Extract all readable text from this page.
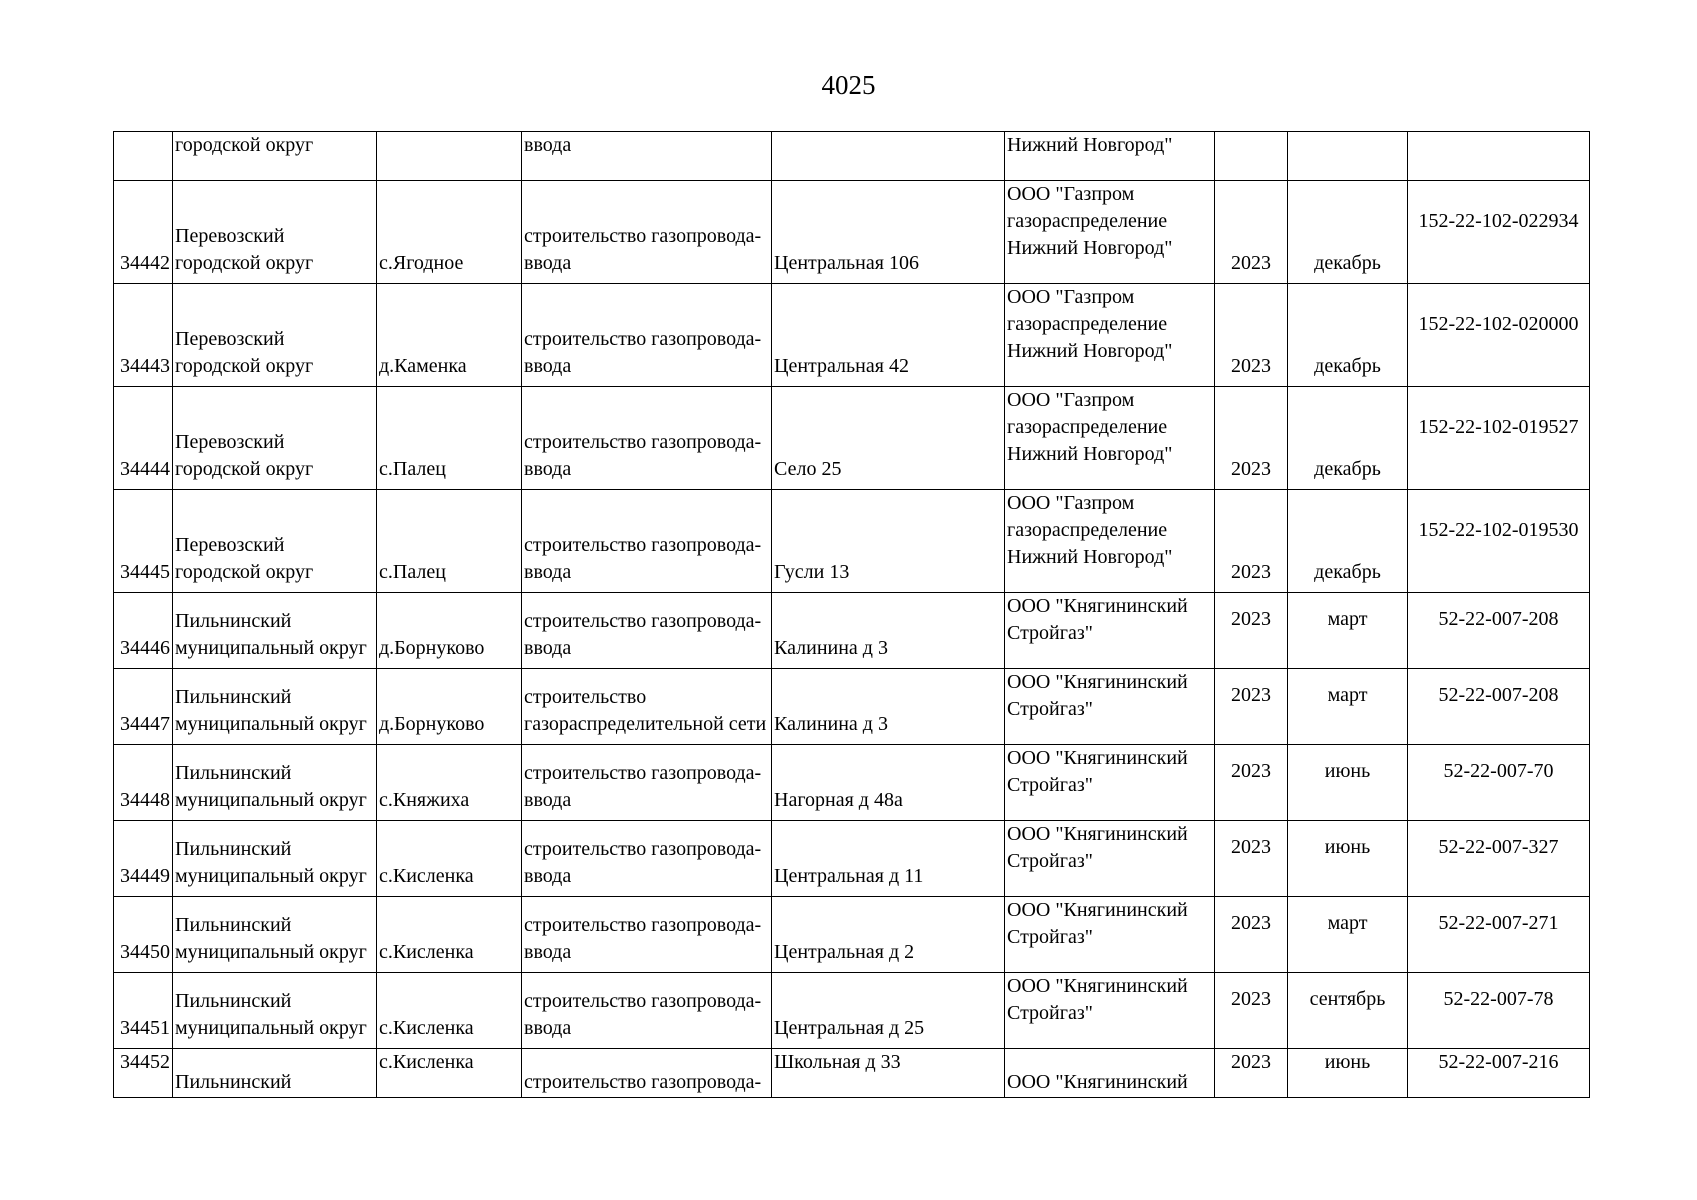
4025

	городской округ		ввода		Нижний Новгород"			

34442	Перевозский
городской округ	с.Ягодное	строительство газопровода-
ввода	Центральная 106	ООО "Газпром
газораспределение
Нижний Новгород"	2023	декабрь	152-22-102-022934

34443	Перевозский
городской округ	д.Каменка	строительство газопровода-
ввода	Центральная 42	ООО "Газпром
газораспределение
Нижний Новгород"	2023	декабрь	152-22-102-020000

34444	Перевозский
городской округ	с.Палец	строительство газопровода-
ввода	Село 25	ООО "Газпром
газораспределение
Нижний Новгород"	2023	декабрь	152-22-102-019527

34445	Перевозский
городской округ	с.Палец	строительство газопровода-
ввода	Гусли 13	ООО "Газпром
газораспределение
Нижний Новгород"	2023	декабрь	152-22-102-019530

34446	Пильнинский
муниципальный округ	д.Борнуково	строительство газопровода-
ввода	Калинина д 3	ООО "Княгининский
Стройгаз"	2023	март	52-22-007-208

34447	Пильнинский
муниципальный округ	д.Борнуково	строительство
газораспределительной сети	Калинина д 3	ООО "Княгининский
Стройгаз"	2023	март	52-22-007-208

34448	Пильнинский
муниципальный округ	с.Княжиха	строительство газопровода-
ввода	Нагорная д 48а	ООО "Княгининский
Стройгаз"	2023	июнь	52-22-007-70

34449	Пильнинский
муниципальный округ	с.Кисленка	строительство газопровода-
ввода	Центральная д 11	ООО "Княгининский
Стройгаз"	2023	июнь	52-22-007-327

34450	Пильнинский
муниципальный округ	с.Кисленка	строительство газопровода-
ввода	Центральная д 2	ООО "Княгининский
Стройгаз"	2023	март	52-22-007-271

34451	Пильнинский
муниципальный округ	с.Кисленка	строительство газопровода-
ввода	Центральная д 25	ООО "Княгининский
Стройгаз"	2023	сентябрь	52-22-007-78

34452	Пильнинский	с.Кисленка	строительство газопровода-	Школьная д 33	ООО "Княгининский	2023	июнь	52-22-007-216
